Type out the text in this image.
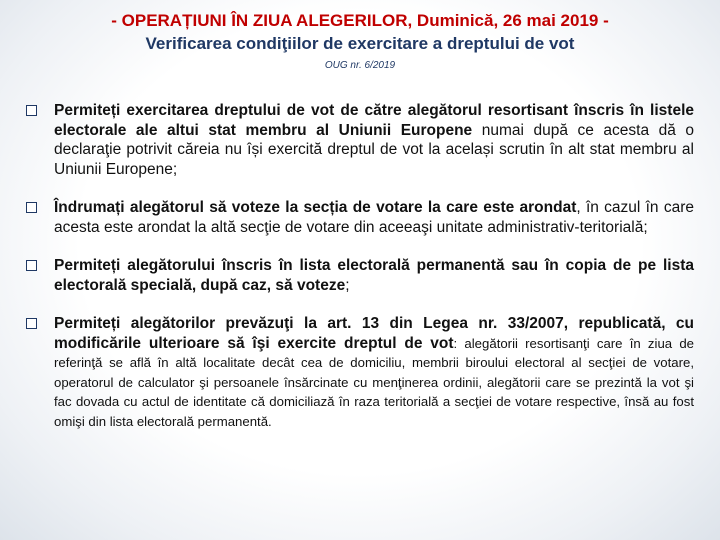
- OPERAȚIUNI ÎN ZIUA ALEGERILOR, Duminică, 26 mai 2019 -
Verificarea condiţiilor de exercitare a dreptului de vot
OUG nr. 6/2019
Permiteți exercitarea dreptului de vot de către alegătorul resortisant înscris în listele electorale ale altui stat membru al Uniunii Europene numai după ce acesta dă o declaraţie potrivit căreia nu își exercită dreptul de vot la același scrutin în alt stat membru al Uniunii Europene;
Îndrumați alegătorul să voteze la secția de votare la care este arondat, în cazul în care acesta este arondat la altă secţie de votare din aceeaşi unitate administrativ-teritorială;
Permiteți alegătorului înscris în lista electorală permanentă sau în copia de pe lista electorală specială, după caz, să voteze;
Permiteți alegătorilor prevăzuţi la art. 13 din Legea nr. 33/2007, republicată, cu modificările ulterioare să îşi exercite dreptul de vot: alegătorii resortisanţi care în ziua de referinţă se află în altă localitate decât cea de domiciliu, membrii biroului electoral al secţiei de votare, operatorul de calculator şi persoanele însărcinate cu menţinerea ordinii, alegătorii care se prezintă la vot şi fac dovada cu actul de identitate că domiciliază în raza teritorială a secţiei de votare respective, însă au fost omişi din lista electorală permanentă.
